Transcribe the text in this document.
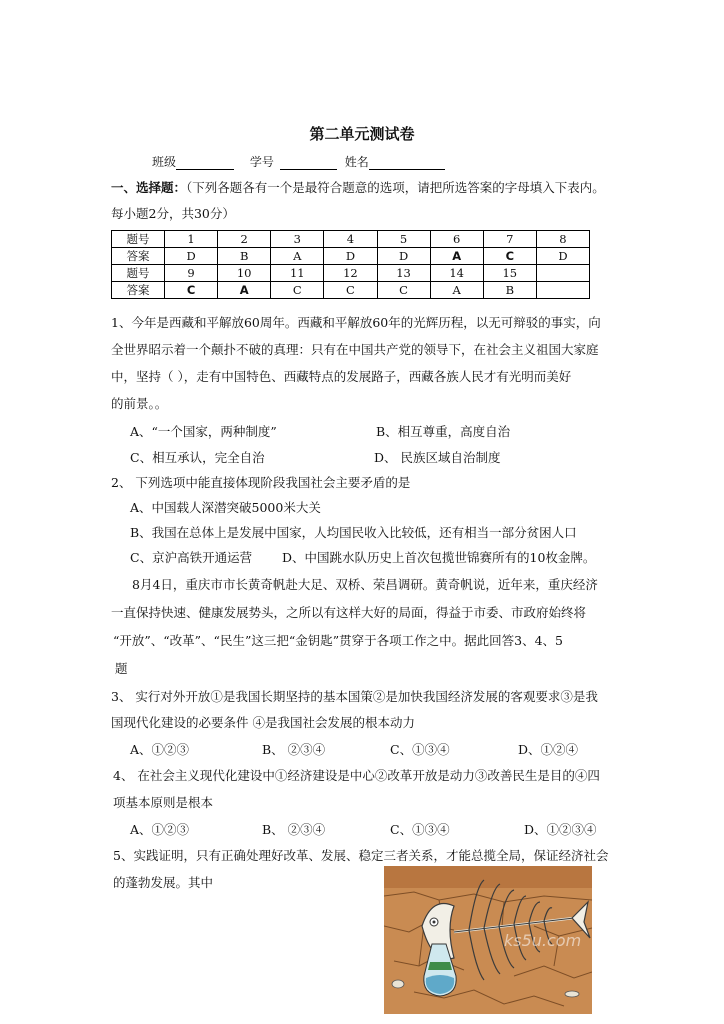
第二单元测试卷
班级	学号	姓名
一、选择题：（下列各题各有一个是最符合题意的选项，请把所选答案的字母填入下表内。
每小题2分，共30分）
题号	1	2	3	4	5	6	7	8
答案	D	B	A	D	D	A	C	D
题号	9	10	11	12	13	14	15	
答案	C	A	C	C	C	A	B	
1、今年是西藏和平解放60周年。西藏和平解放60年的光辉历程，以无可辩驳的事实，向
全世界昭示着一个颠扑不破的真理：只有在中国共产党的领导下，在社会主义祖国大家庭
中，坚持（ ），走有中国特色、西藏特点的发展路子，西藏各族人民才有光明而美好
的前景。。
A、“一个国家，两种制度”	B、相互尊重，高度自治
C、相互承认，完全自治	D、 民族区域自治制度
2、 下列选项中能直接体现阶段我国社会主要矛盾的是
A、中国载人深潜突破5000米大关
B、我国在总体上是发展中国家，人均国民收入比较低，还有相当一部分贫困人口
C、京沪高铁开通运营 D、中国跳水队历史上首次包揽世锦赛所有的10枚金牌。
8月4日，重庆市市长黄奇帆赴大足、双桥、荣昌调研。黄奇帆说，近年来，重庆经济
一直保持快速、健康发展势头，之所以有这样大好的局面，得益于市委、市政府始终将
“开放”、“改革”、“民生”这三把“金钥匙”贯穿于各项工作之中。据此回答3、4、5
题
3、 实行对外开放①是我国长期坚持的基本国策②是加快我国经济发展的客观要求③是我
国现代化建设的必要条件 ④是我国社会发展的根本动力
A、①②③	B、 ②③④	C、①③④	D、①②④
4、 在社会主义现代化建设中①经济建设是中心②改革开放是动力③改善民生是目的④四
项基本原则是根本
A、①②③	B、 ②③④	C、①③④	D、①②③④
5、实践证明，只有正确处理好改革、发展、稳定三者关系，才能总揽全局，保证经济社会
的蓬勃发展。其中
ks5u.com
